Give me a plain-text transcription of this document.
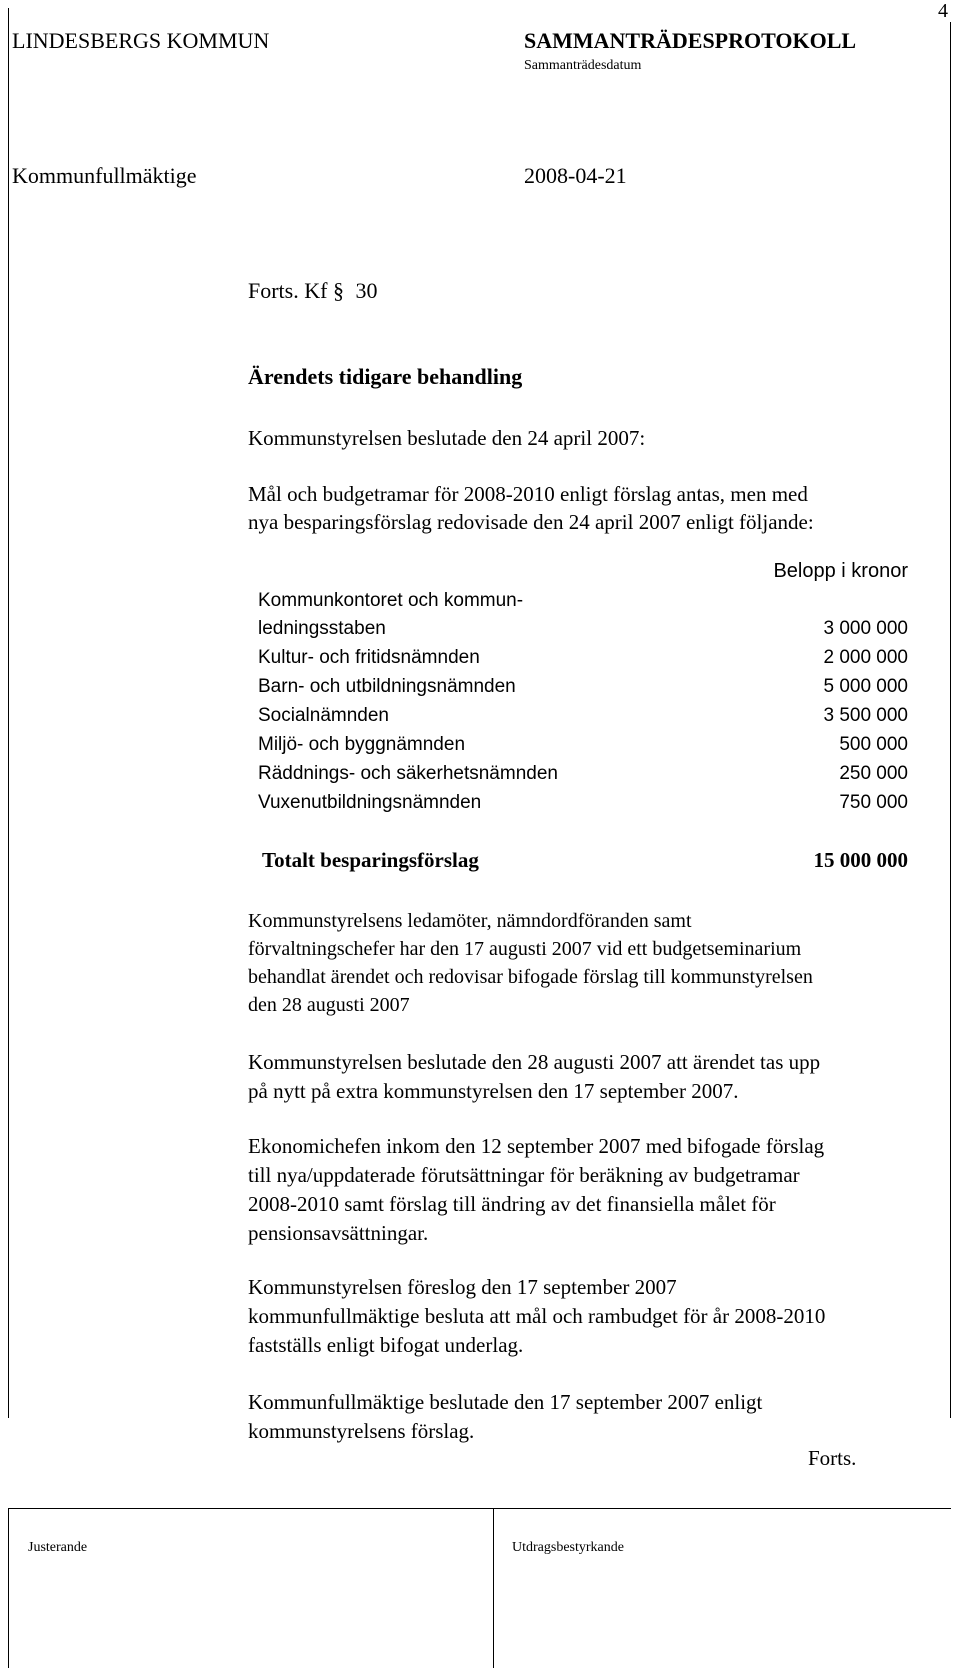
4
LINDESBERGS KOMMUN	SAMMANTRÄDESPROTOKOLL
Sammanträdesdatum
Kommunfullmäktige	2008-04-21
Forts. Kf § 30
Ärendets tidigare behandling
Kommunstyrelsen beslutade den 24 april 2007:
Mål och budgetramar för 2008-2010 enligt förslag antas, men med
nya besparingsförslag redovisade den 24 april 2007 enligt följande:
Belopp i kronor
Kommunkontoret och kommun-
ledningsstaben	3 000 000
Kultur- och fritidsnämnden	2 000 000
Barn- och utbildningsnämnden	5 000 000
Socialnämnden	3 500 000
Miljö- och byggnämnden	500 000
Räddnings- och säkerhetsnämnden	250 000
Vuxenutbildningsnämnden	750 000
Totalt besparingsförslag	15 000 000
Kommunstyrelsens ledamöter, nämndordföranden samt
förvaltningschefer har den 17 augusti 2007 vid ett budgetseminarium
behandlat ärendet och redovisar bifogade förslag till kommunstyrelsen
den 28 augusti 2007
Kommunstyrelsen beslutade den 28 augusti 2007 att ärendet tas upp
på nytt på extra kommunstyrelsen den 17 september 2007.
Ekonomichefen inkom den 12 september 2007 med bifogade förslag
till nya/uppdaterade förutsättningar för beräkning av budgetramar
2008-2010 samt förslag till ändring av det finansiella målet för
pensionsavsättningar.
Kommunstyrelsen föreslog den 17 september 2007
kommunfullmäktige besluta att mål och rambudget för år 2008-2010
fastställs enligt bifogat underlag.
Kommunfullmäktige beslutade den 17 september 2007 enligt
kommunstyrelsens förslag.
Forts.
Justerande	Utdragsbestyrkande
